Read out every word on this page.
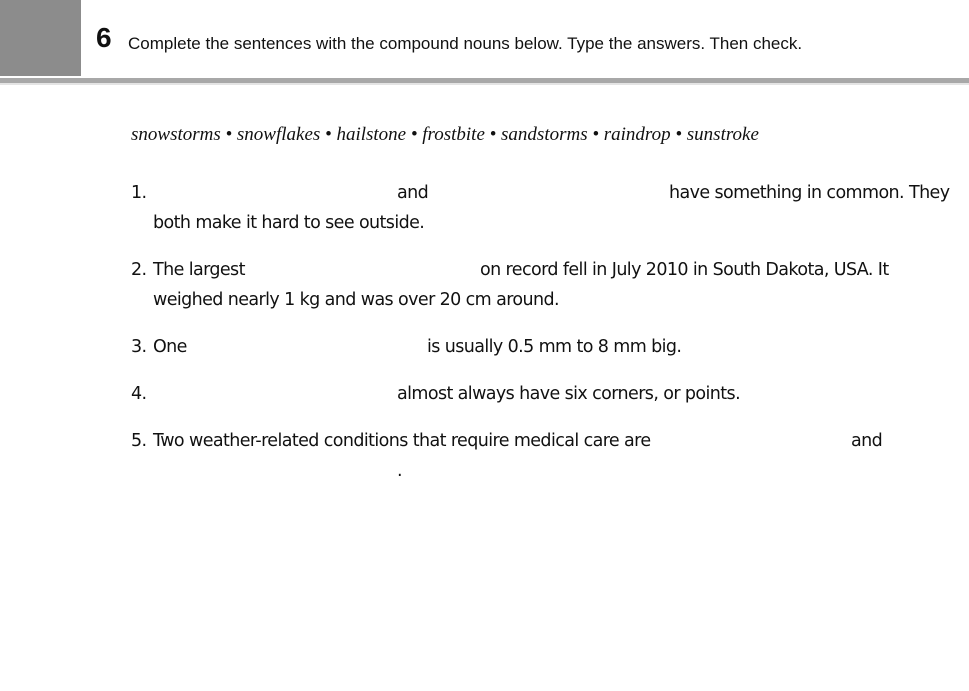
6 Complete the sentences with the compound nouns below. Type the answers. Then check.
snowstorms • snowflakes • hailstone • frostbite • sandstorms • raindrop • sunstroke
1.	and	have something in common. They
both make it hard to see outside.
2. The largest	on record fell in July 2010 in South Dakota, USA. It
weighed nearly 1 kg and was over 20 cm around.
3. One	is usually 0.5 mm to 8 mm big.
4.	almost always have six corners, or points.
5. Two weather-related conditions that require medical care are	and
.
